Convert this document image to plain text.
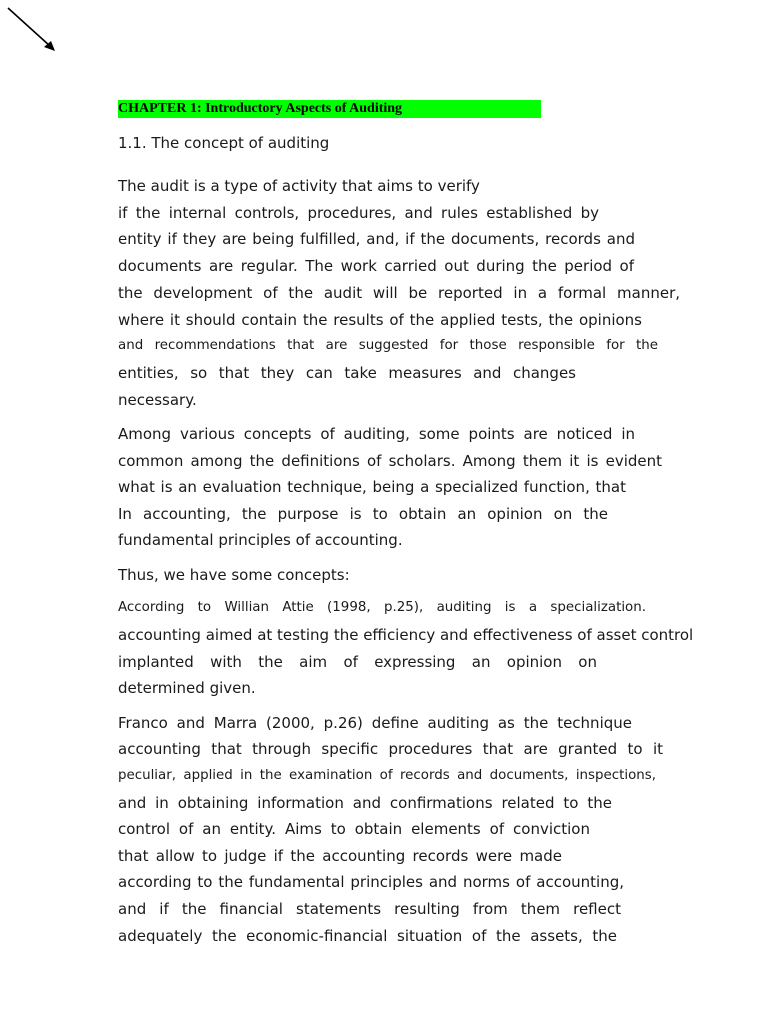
CHAPTER 1: Introductory Aspects of Auditing
1.1. The concept of auditing
The audit is a type of activity that aims to verify
if the internal controls, procedures, and rules established by
entity if they are being fulfilled, and, if the documents, records and
documents are regular. The work carried out during the period of
the development of the audit will be reported in a formal manner,
where it should contain the results of the applied tests, the opinions
and recommendations that are suggested for those responsible for the
entities, so that they can take measures and changes
necessary.
Among various concepts of auditing, some points are noticed in
common among the definitions of scholars. Among them it is evident
what is an evaluation technique, being a specialized function, that
In accounting, the purpose is to obtain an opinion on the
fundamental principles of accounting.
Thus, we have some concepts:
According to Willian Attie (1998, p.25), auditing is a specialization.
accounting aimed at testing the efficiency and effectiveness of asset control
implanted with the aim of expressing an opinion on
determined given.
Franco and Marra (2000, p.26) define auditing as the technique
accounting that through specific procedures that are granted to it
peculiar, applied in the examination of records and documents, inspections,
and in obtaining information and confirmations related to the
control of an entity. Aims to obtain elements of conviction
that allow to judge if the accounting records were made
according to the fundamental principles and norms of accounting,
and if the financial statements resulting from them reflect
adequately the economic-financial situation of the assets, the
